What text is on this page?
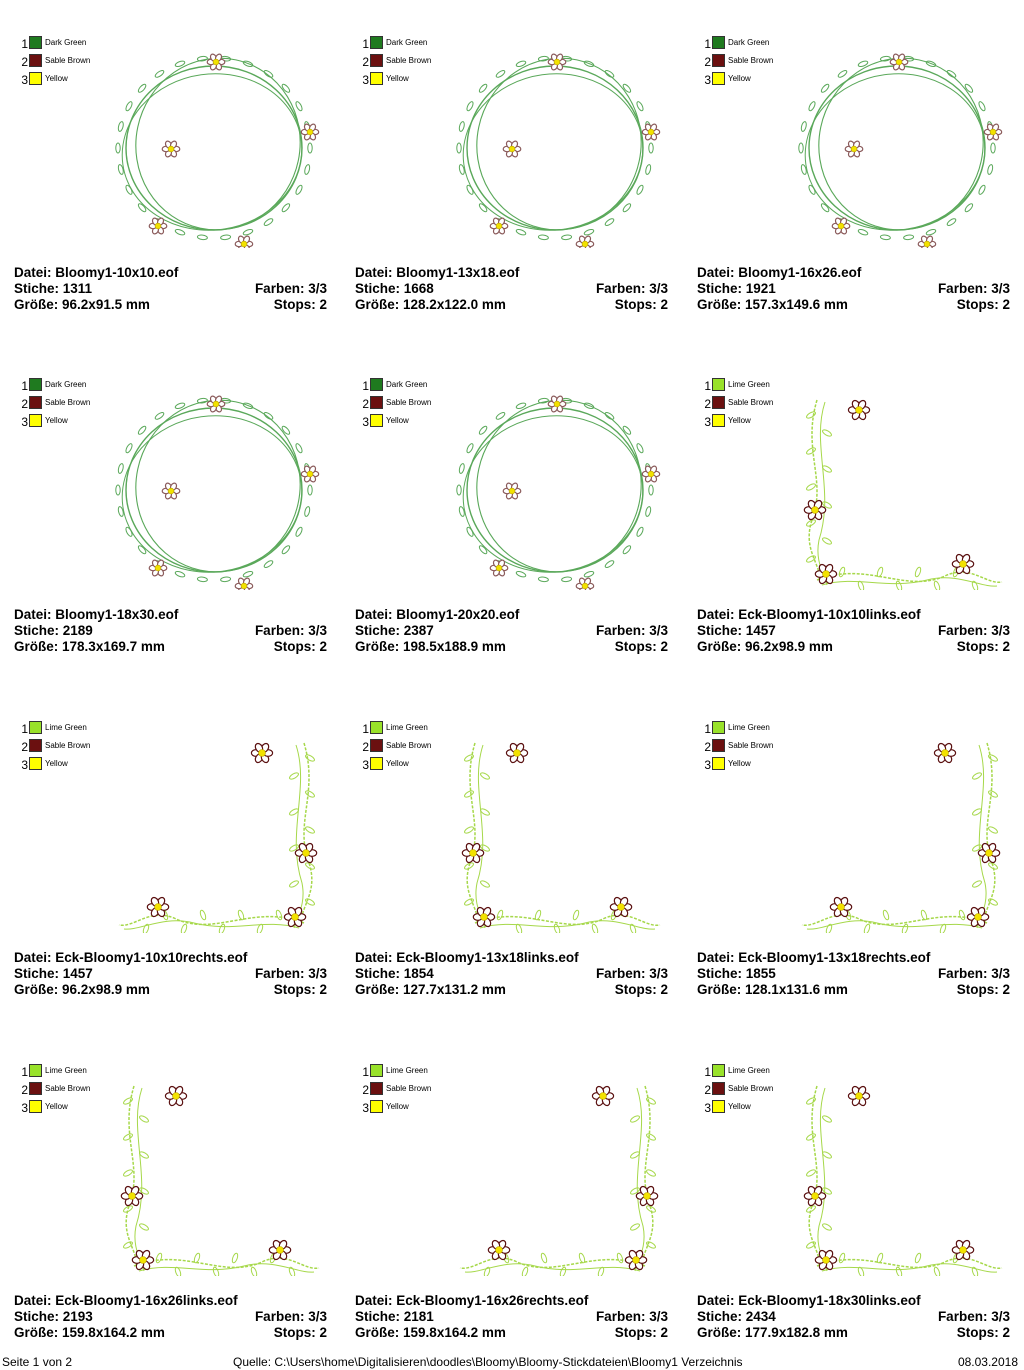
1 Dark Green
2 Sable Brown
3 Yellow
Datei: Bloomy1-10x10.eof
Stiche: 1311	Farben: 3/3
Größe: 96.2x91.5 mm	Stops: 2
1 Dark Green
2 Sable Brown
3 Yellow
Datei: Bloomy1-13x18.eof
Stiche: 1668	Farben: 3/3
Größe: 128.2x122.0 mm	Stops: 2
1 Dark Green
2 Sable Brown
3 Yellow
Datei: Bloomy1-16x26.eof
Stiche: 1921	Farben: 3/3
Größe: 157.3x149.6 mm	Stops: 2
1 Dark Green
2 Sable Brown
3 Yellow
Datei: Bloomy1-18x30.eof
Stiche: 2189	Farben: 3/3
Größe: 178.3x169.7 mm	Stops: 2
1 Dark Green
2 Sable Brown
3 Yellow
Datei: Bloomy1-20x20.eof
Stiche: 2387	Farben: 3/3
Größe: 198.5x188.9 mm	Stops: 2
1 Lime Green
2 Sable Brown
3 Yellow
Datei: Eck-Bloomy1-10x10links.eof
Stiche: 1457	Farben: 3/3
Größe: 96.2x98.9 mm	Stops: 2
1 Lime Green
2 Sable Brown
3 Yellow
Datei: Eck-Bloomy1-10x10rechts.eof
Stiche: 1457	Farben: 3/3
Größe: 96.2x98.9 mm	Stops: 2
1 Lime Green
2 Sable Brown
3 Yellow
Datei: Eck-Bloomy1-13x18links.eof
Stiche: 1854	Farben: 3/3
Größe: 127.7x131.2 mm	Stops: 2
1 Lime Green
2 Sable Brown
3 Yellow
Datei: Eck-Bloomy1-13x18rechts.eof
Stiche: 1855	Farben: 3/3
Größe: 128.1x131.6 mm	Stops: 2
1 Lime Green
2 Sable Brown
3 Yellow
Datei: Eck-Bloomy1-16x26links.eof
Stiche: 2193	Farben: 3/3
Größe: 159.8x164.2 mm	Stops: 2
1 Lime Green
2 Sable Brown
3 Yellow
Datei: Eck-Bloomy1-16x26rechts.eof
Stiche: 2181	Farben: 3/3
Größe: 159.8x164.2 mm	Stops: 2
1 Lime Green
2 Sable Brown
3 Yellow
Datei: Eck-Bloomy1-18x30links.eof
Stiche: 2434	Farben: 3/3
Größe: 177.9x182.8 mm	Stops: 2
Seite 1 von 2	Quelle: C:\Users\home\Digitalisieren\doodles\Bloomy\Bloomy-Stickdateien\Bloomy1 Verzeichnis	08.03.2018
